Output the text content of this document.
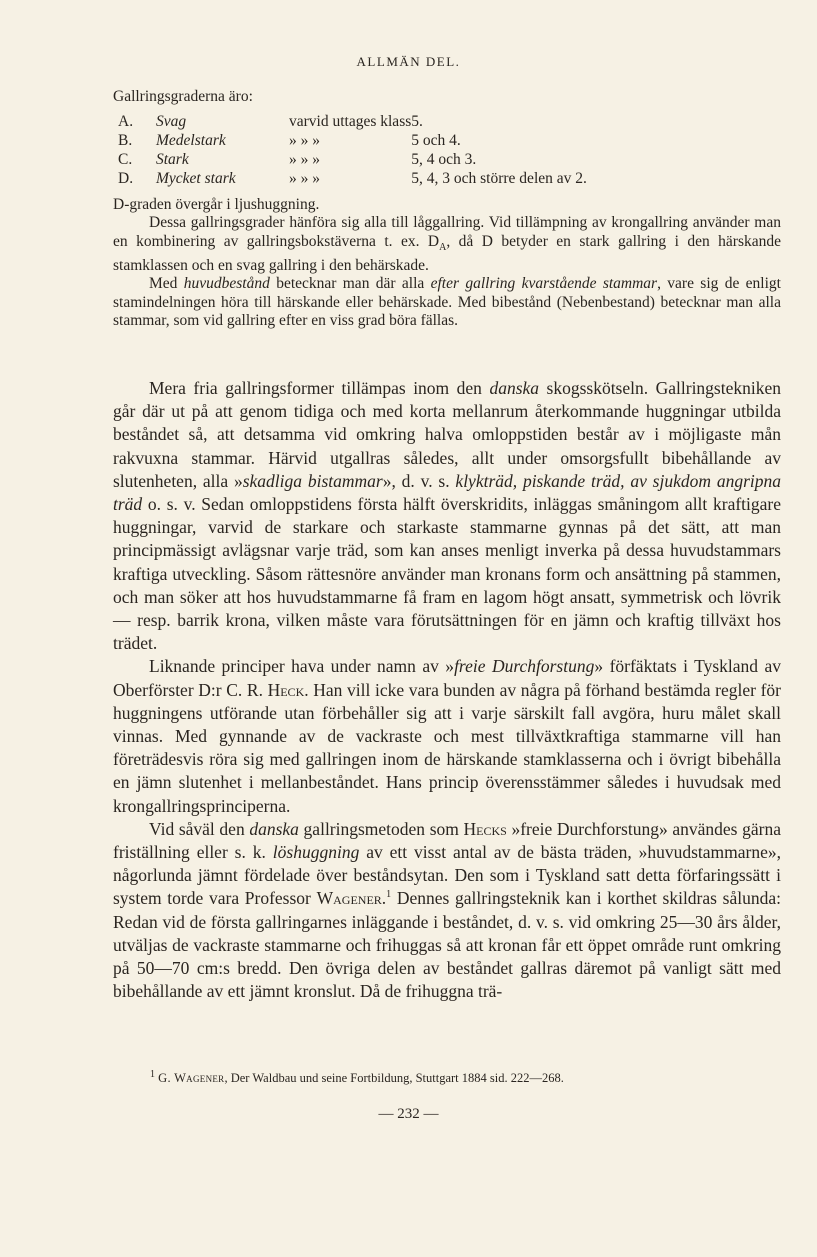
ALLMÄN DEL.
Gallringsgraderna äro:
A.	Svag	varvid uttages klass	5.
B.	Medelstark	» » »	5 och 4.
C.	Stark	» » »	5, 4 och 3.
D.	Mycket stark	» » »	5, 4, 3 och större delen av 2.

D-graden övergår i ljushuggning.

Dessa gallringsgrader hänföra sig alla till låggallring. Vid tillämpning av krongallring använder man en kombinering av gallringsbokstäverna t. ex. $D_A$, då D betyder en stark gallring i den härskande stamklassen och en svag gallring i den behärskade.

Med huvudbestånd betecknar man där alla efter gallring kvarstående stammar, vare sig de enligt stamindelningen höra till härskande eller behärskade. Med bibestånd (Nebenbestand) betecknar man alla stammar, som vid gallring efter en viss grad böra fällas.

Mera fria gallringsformer tillämpas inom den danska skogsskötseln. Gallringstekniken går där ut på att genom tidiga och med korta mellanrum återkommande huggningar utbilda beståndet så, att detsamma vid omkring halva omloppstiden består av i möjligaste mån rakvuxna stammar. Härvid utgallras således, allt under omsorgsfullt bibehållande av slutenheten, alla »skadliga bistammar», d. v. s. klykträd, piskande träd, av sjukdom angripna träd o. s. v. Sedan omloppstidens första hälft överskridits, inläggas småningom allt kraftigare huggningar, varvid de starkare och starkaste stammarne gynnas på det sätt, att man principmässigt avlägsnar varje träd, som kan anses menligt inverka på dessa huvudstammars kraftiga utveckling. Såsom rättesnöre använder man kronans form och ansättning på stammen, och man söker att hos huvudstammarne få fram en lagom högt ansatt, symmetrisk och lövrik — resp. barrik krona, vilken måste vara förutsättningen för en jämn och kraftig tillväxt hos trädet.

Liknande principer hava under namn av »freie Durchforstung» förfäktats i Tyskland av Oberförster D:r C. R. Heck. Han vill icke vara bunden av några på förhand bestämda regler för huggningens utförande utan förbehåller sig att i varje särskilt fall avgöra, huru målet skall vinnas. Med gynnande av de vackraste och mest tillväxtkraftiga stammarne vill han företrädesvis röra sig med gallringen inom de härskande stamklasserna och i övrigt bibehålla en jämn slutenhet i mellanbeståndet. Hans princip överensstämmer således i huvudsak med krongallringsprinciperna.

Vid såväl den danska gallringsmetoden som Hecks »freie Durchforstung» användes gärna friställning eller s. k. löshuggning av ett visst antal av de bästa träden, »huvudstammarne», någorlunda jämnt fördelade över beståndsytan. Den som i Tyskland satt detta förfaringssätt i system torde vara Professor Wagener.$^1$ Dennes gallringsteknik kan i korthet skildras sålunda: Redan vid de första gallringarnes inläggande i beståndet, d. v. s. vid omkring 25—30 års ålder, utväljas de vackraste stammarne och frihuggas så att kronan får ett öppet område runt omkring på 50—70 cm:s bredd. Den övriga delen av beståndet gallras däremot på vanligt sätt med bibehållande av ett jämnt kronslut. Då de frihuggna trä-

$^1$ G. Wagener, Der Waldbau und seine Fortbildung, Stuttgart 1884 sid. 222—268.
— 232 —
